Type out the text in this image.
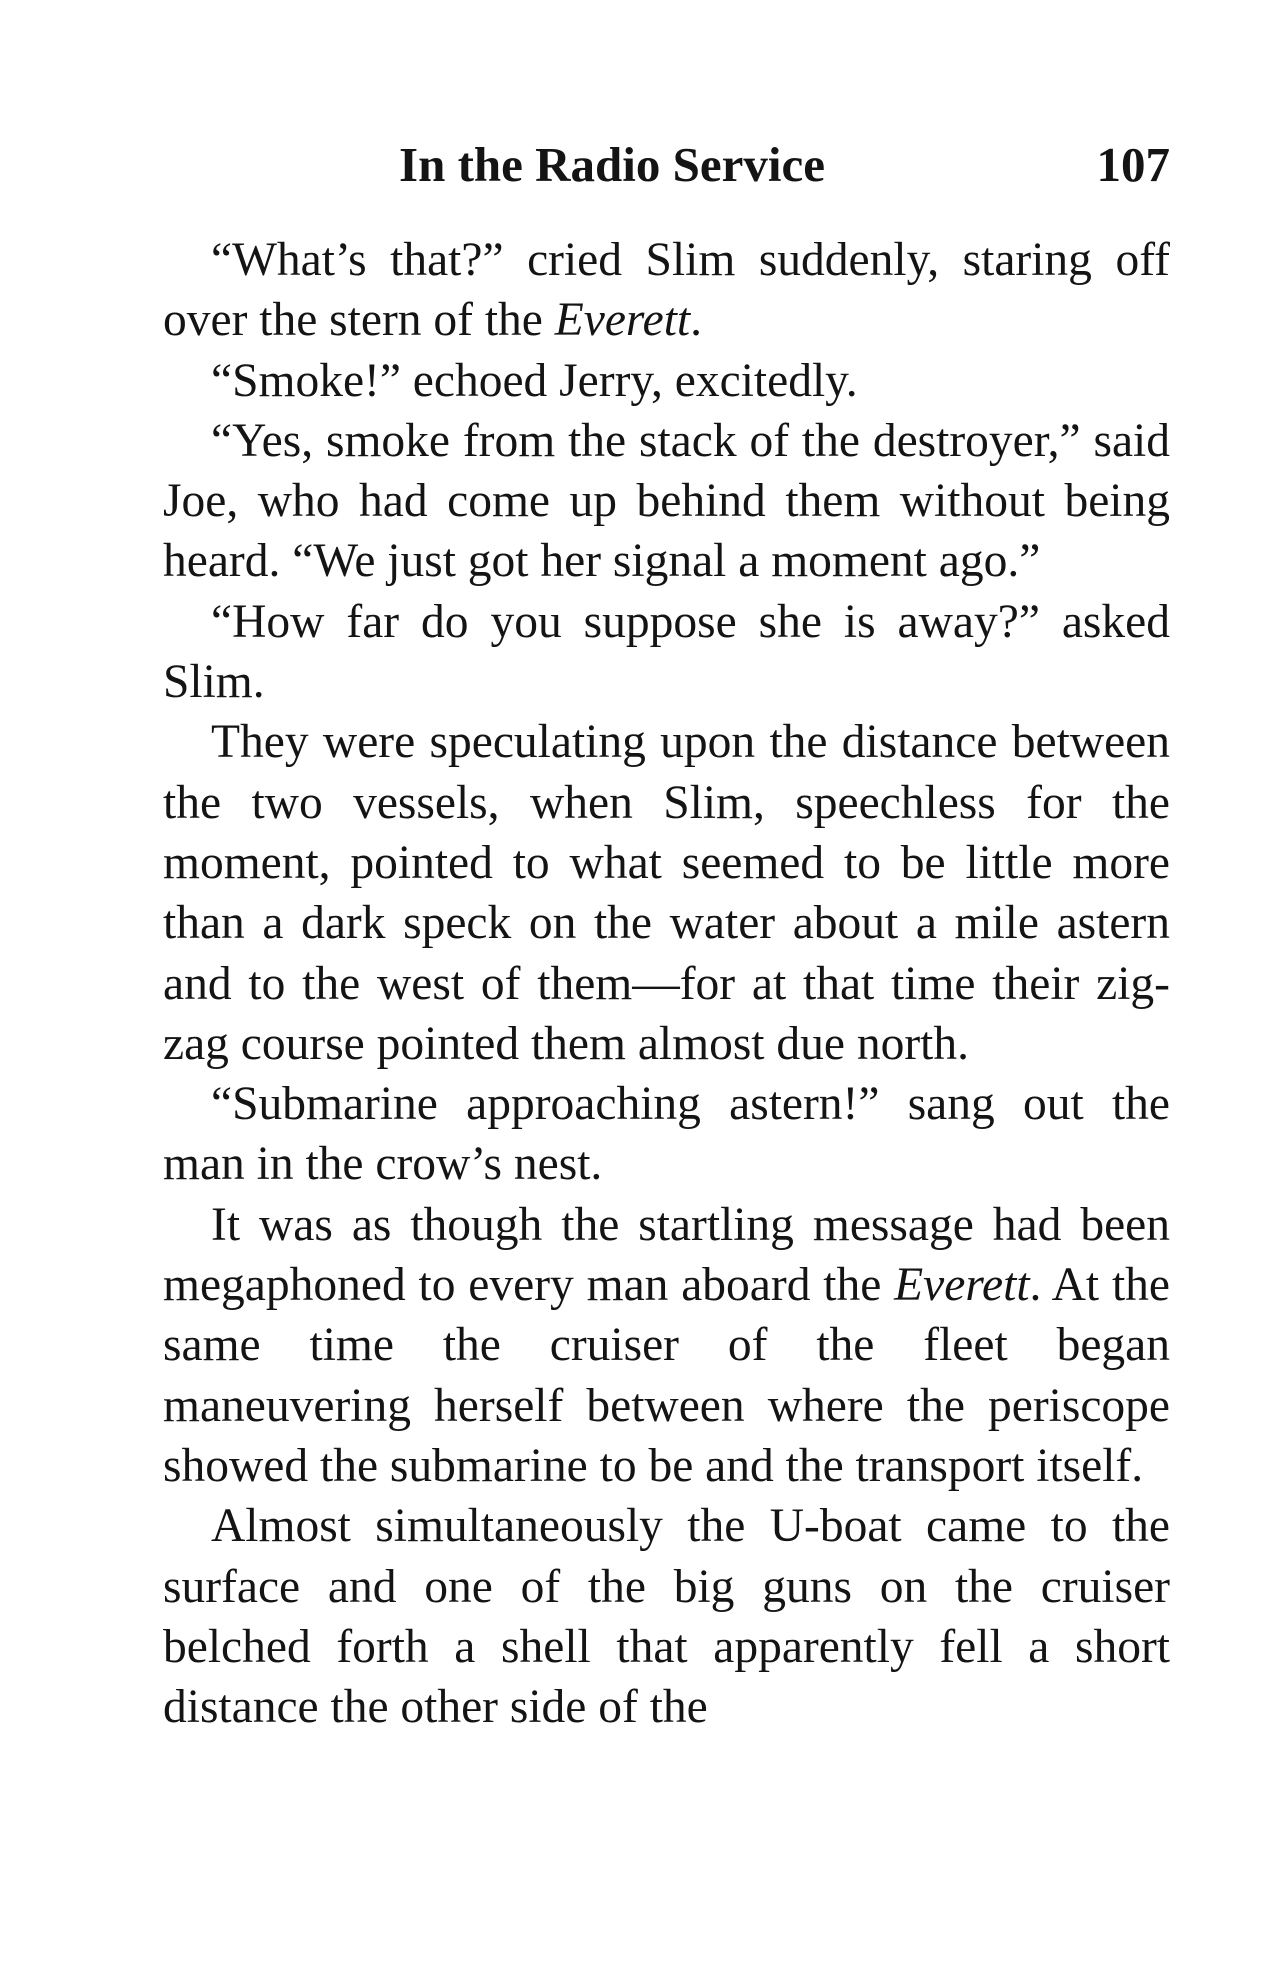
In the Radio Service	107

“What’s that?” cried Slim suddenly, staring off over the stern of the Everett.

“Smoke!” echoed Jerry, excitedly.

“Yes, smoke from the stack of the destroyer,” said Joe, who had come up behind them without being heard. “We just got her signal a moment ago.”

“How far do you suppose she is away?” asked Slim.

They were speculating upon the distance between the two vessels, when Slim, speechless for the moment, pointed to what seemed to be little more than a dark speck on the water about a mile astern and to the west of them—for at that time their zig-zag course pointed them almost due north.

“Submarine approaching astern!” sang out the man in the crow’s nest.

It was as though the startling message had been megaphoned to every man aboard the Everett. At the same time the cruiser of the fleet began maneuvering herself between where the periscope showed the submarine to be and the transport itself.

Almost simultaneously the U-boat came to the surface and one of the big guns on the cruiser belched forth a shell that apparently fell a short distance the other side of the
